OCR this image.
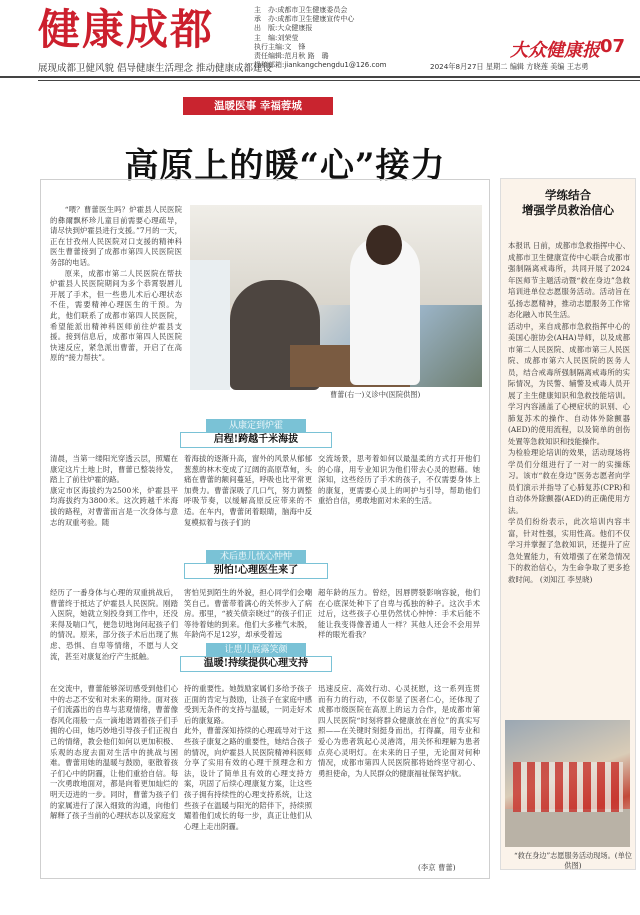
健康成都
展现成都卫健风貌 倡导健康生活理念 推动健康成都建设
主　办:成都市卫生健康委员会
承　办:成都市卫生健康宣传中心
出　版:大众健康报
主　编:刘荣莹
执行主编:文　锋
责任编辑:范月秋 路　璐
投稿邮箱:jiankangchengdu1@126.com
大众健康报 07
2024年8月27日 星期二 编辑 方晓莲 美编 王志勇
温暖医事 幸福蓉城
高原上的暖“心”接力

“喂？曹蕾医生吗？炉霍县人民医院的彝爾飘杯珍儿童目前需要心理疏导，请尽快到炉霍县进行支援。”7月的一天，正在甘孜州人民医院对口支援的精神科医生曹蕾接到了成都市第四人民医院医务部的电话。

原来，成都市第二人民医院在帮扶炉霍县人民医院期间为多个恭霄裂唇儿开展了手术，但一些患儿术后心理状态不佳，需要精神心理医生的干预。为此，他们联系了成都市第四人民医院，希望能派出精神科医师前往炉霍县支援。接到信息后，成都市第四人民医院快速反应，紧急派出曹蕾，开启了在高原的“接力帮扶”。

曹蕾(右一)义诊中(医院供图)
从康定到炉霍
启程!跨越千米海拔
清晨，当第一缕阳光穿透云层，照耀在康定这片土地上时，曹蕾已整装待发，踏上了前往炉霍的路。
康定市区海拔约为2500米，炉霍县平均海拔约为3800米。这次跨越千米海拔的路程，对曹蕾而言是一次身体与意志的双重考验。随
着海拔的逐渐升高，窗外的风景从郁郁葱葱的林木变成了辽阔的高原草甸，头痛在曹蕾的额间蔓延，呼吸也比平常更加费力。曹蕾深吸了几口气，努力调整呼吸节奏，以缓解高原反应带来的不适。在车内，曹蕾闭着眼睛，脑海中反复模拟着与孩子们的
交流场景，思考着如何以最温柔的方式打开他们的心扉，用专业知识为他们带去心灵的慰藉。她深知，这些经历了手术的孩子，不仅需要身体上的康复，更需要心灵上的呵护与引导，帮助他们重拾自信，勇敢地面对未来的生活。
术后患儿忧心忡忡
别怕!心理医生来了
经历了一番身体与心理的双重挑战后，曹蕾终于抵达了炉霍县人民医院。刚踏入医院，她就立刻投身到工作中，还没来得及喘口气，便急切地询问起孩子们的情况。原来，部分孩子术后出现了焦虑、恐惧、自卑等情绪，不愿与人交流，甚至对康复治疗产生抵触。
害怕见到陌生的外貌，担心同学们会嘲笑自己。曹蕾带着满心的关怀步入了病房。那里，“被关债亲晓过”的孩子们正等待着她的到来。他们大多稚气未脱，年龄尚不足12岁，却承受着远
超年龄的压力。曾经，因唇腭裂影响容貌，他们在心底深处种下了自卑与孤独的种子。这次手术过后，这些孩子心里仍然忧心忡忡：手术后能不能让我变得像普通人一样？其他人还会不会用异样的眼光看我？
让患儿展露笑颜
温暖!持续提供心理支持
在交流中，曹蕾能够深切感受到他们心中的忐忑不安和对未来的期待。面对孩子们流露出的自卑与悲观情绪，曹蕾像春风化雨般一点一滴地谐调着孩子们手拥的心田，她巧妙地引导孩子们正视自己的情绪，教会他们如何以更加积极、乐观的态度去面对生活中的挑战与困难。曹蕾用她的温暖与鼓励，驱散着孩子们心中的阴霾，让他们重拾自信。每一次勇敢地面对，都是向着更加灿烂的明天迈进的一步。同时，曹蕾为孩子们的家属进行了深入细致的沟通，向他们解释了孩子当前的心理状态以及家庭支
持的重要性。她鼓励家属们多给予孩子正面的肯定与鼓励，让孩子在家庭中感受到无条件的支持与温暖，一同走好术后的康复路。
此外，曹蕾深知持续的心理疏导对于这些孩子康复之路的重要性，她结合孩子的情况，向炉霍县人民医院精神科医师分享了实用有效的心理干预理念和方法，设计了简单且有效的心理支持方案，巩固了后续心理康复方案，让这些孩子拥有持续性的心理支持系统，让这些孩子在温暖与阳光的陪伴下，持续照耀着他们成长的每一步，真正让他们从心理上走出阴霾。
迅速反应、高效行动、心灵抚慰，这一系列连贯而有力的行动，不仅彰显了医者仁心，还体现了成都市级医院在高原上的运力合作，是成都市第四人民医院“时刻将群众健康放在首位”的真实写照——在关键时刻挺身而出，打得赢，用专业和爱心为患者筑起心灵港湾，用关怀和理解为患者点亮心灵明灯。在未来的日子里，无论面对何种情况，成都市第四人民医院都将始终坚守初心、勇担使命，为人民群众的健康福祉保驾护航。
(李京 曹蕾)
学练结合
增强学员救治信心
本报讯 日前，成都市急救指挥中心、成都市卫生健康宣传中心联合成都市强制隔离戒毒所，共同开展了2024年医师节主题活动暨“救在身边”急救培训进单位志愿服务活动。活动旨在弘扬志愿精神，推动志愿服务工作常态化融入市民生活。
活动中，来自成都市急救指挥中心的美国心脏协会(AHA)导师，以及成都市第二人民医院、成都市第三人民医院、成都市第六人民医院的医务人员，结合戒毒所强制隔离戒毒所的实际情况，为民警、辅警及戒毒人员开展了主生健康知识和急救技能培训。学习内容涵盖了心梗症状的识别、心肺复苏术的操作、自动体外除颤器(AED)的使用流程，以及简单的创伤处置等急救知识和技能操作。
为检验理论培训的效果，活动现场将学员们分组进行了一对一的实操练习。该市“救在身边”医务志愿者向学员们演示并指导了心肺复苏(CPR)和自动体外除颤器(AED)的正确使用方法。
学员们纷纷表示，此次培训内容丰富，针对性强，实用性高。他们不仅学习并掌握了急救知识，还提升了应急处置能力，有效增强了在紧急情况下的救治信心，为生命争取了更多抢救时间。 (刘知江 李昱晓)
“救在身边”志愿服务活动现场。(单位供图)
